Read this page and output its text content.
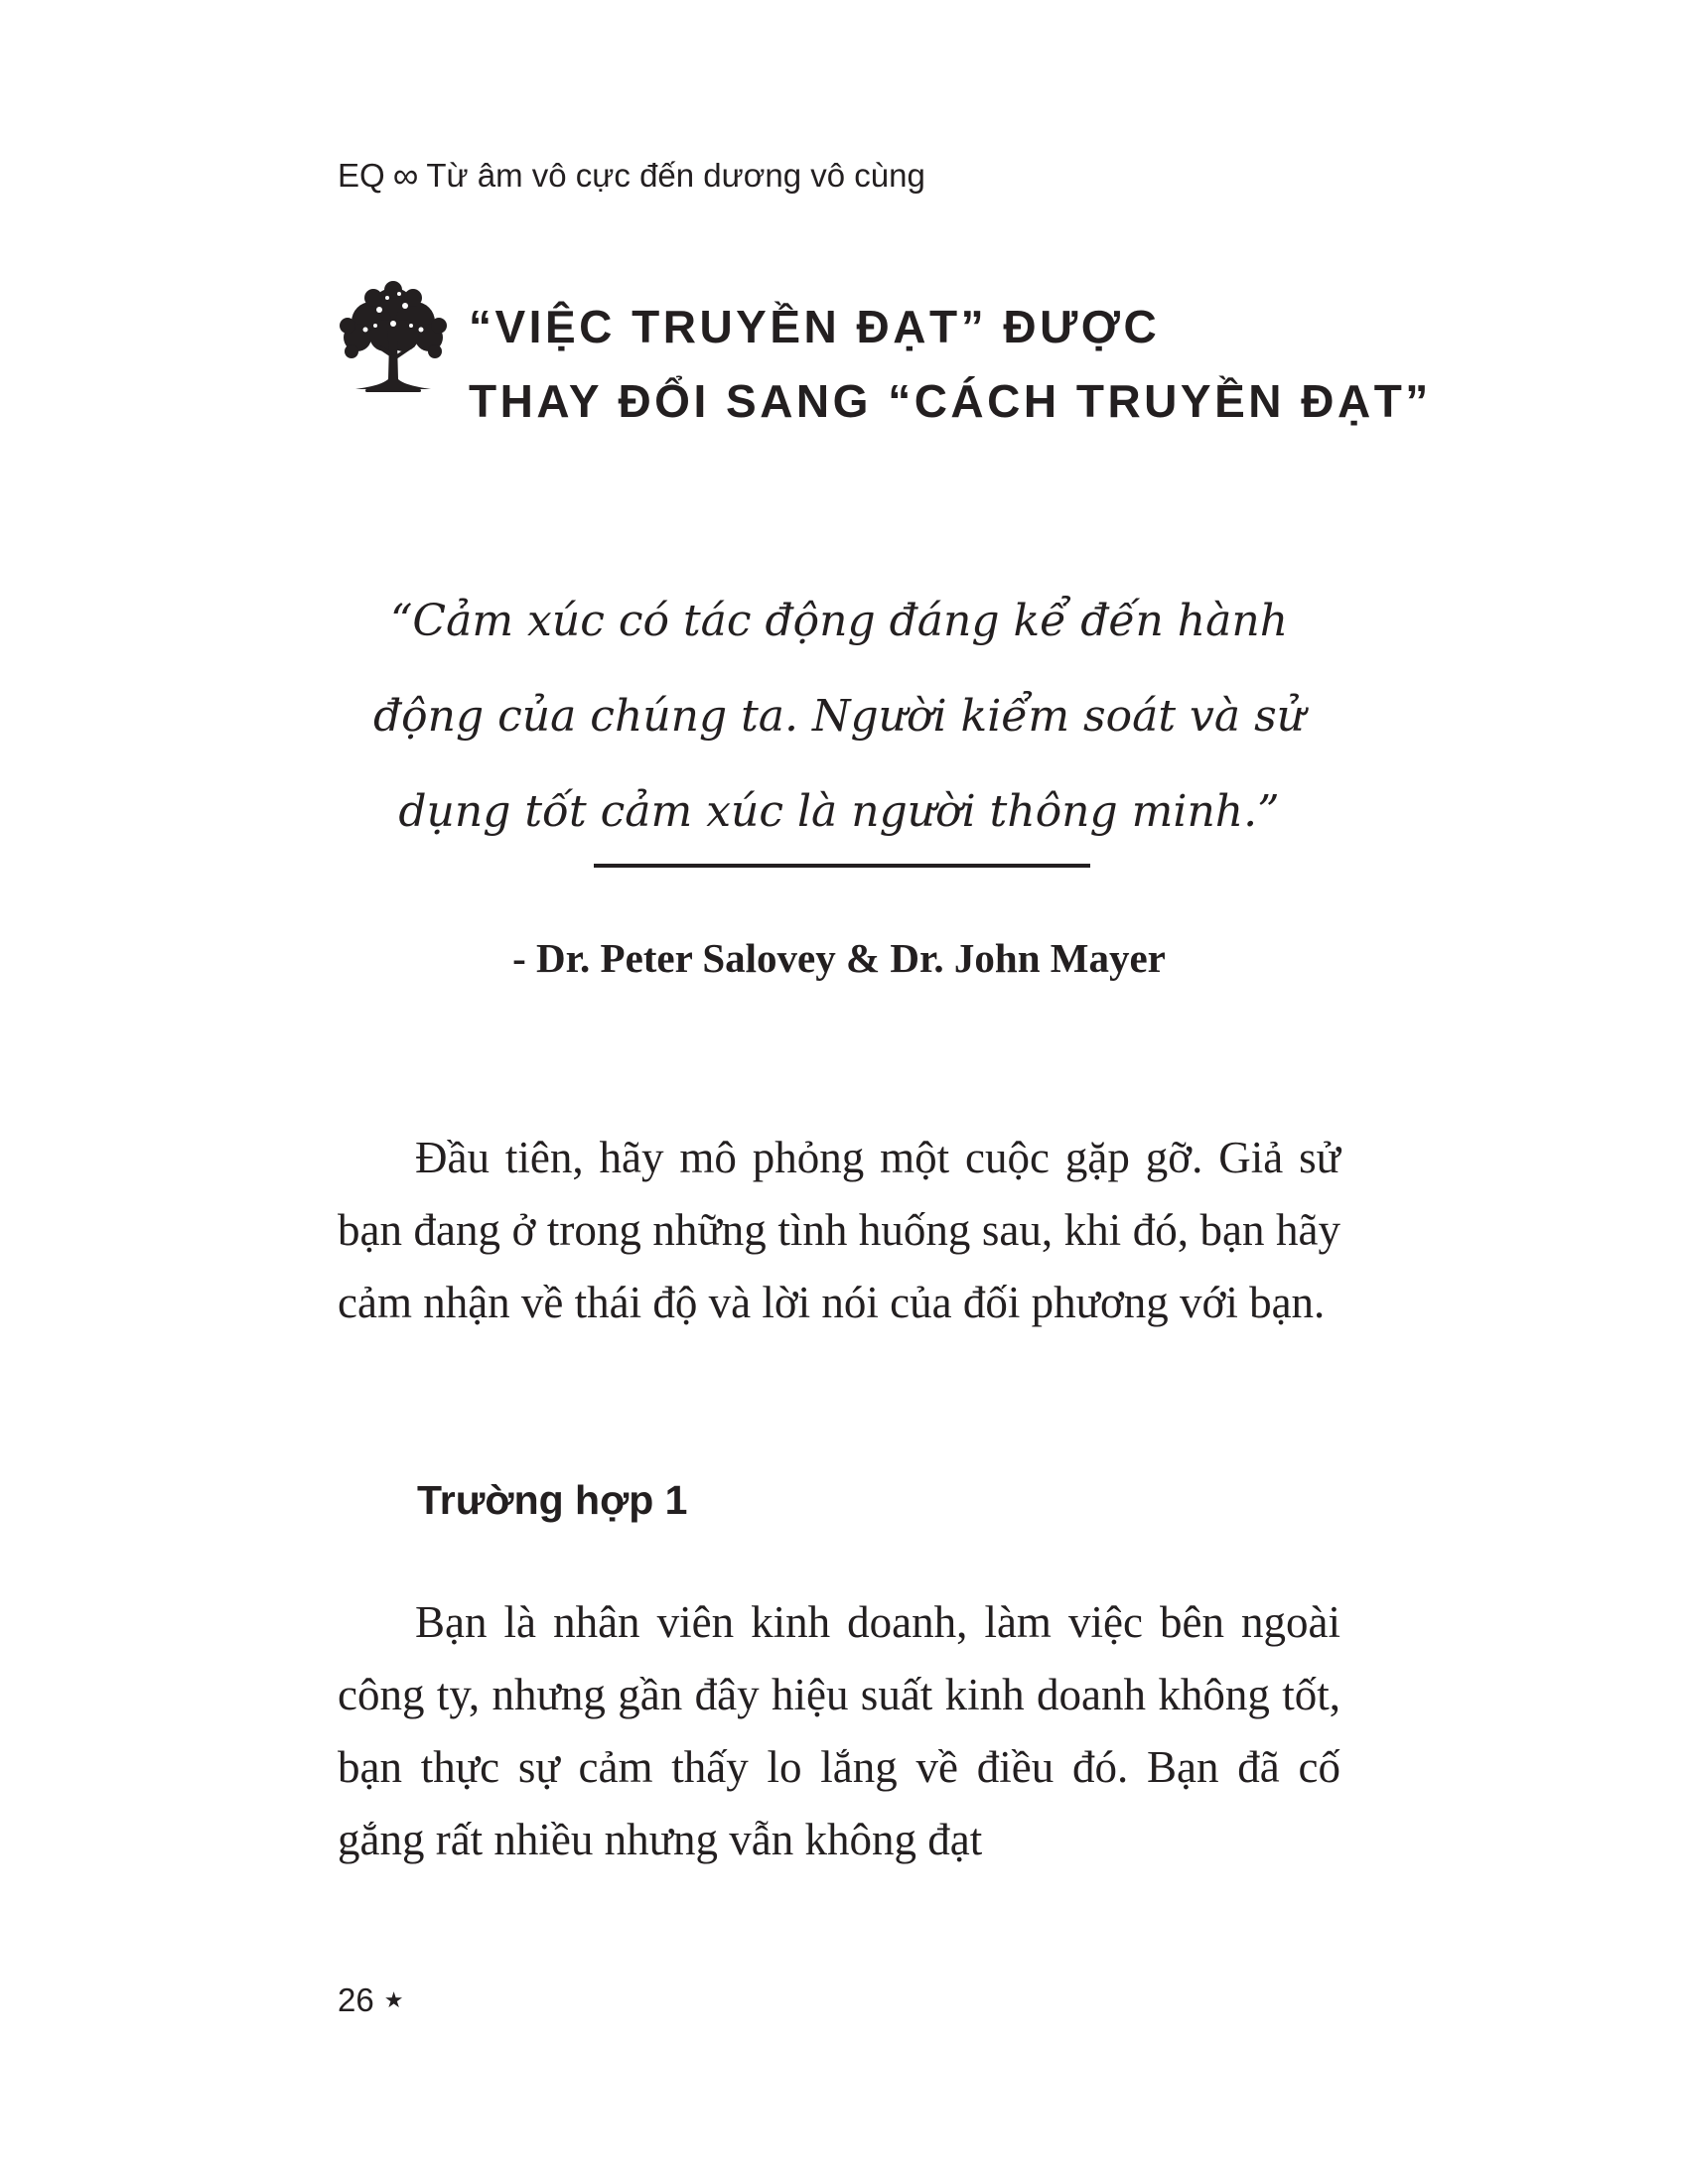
EQ ∞ Từ âm vô cực đến dương vô cùng
“VIỆC TRUYỀN ĐẠT” ĐƯỢC
THAY ĐỔI SANG “CÁCH TRUYỀN ĐẠT”
“Cảm xúc có tác động đáng kể đến hành động của chúng ta. Người kiểm soát và sử dụng tốt cảm xúc là người thông minh.”
- Dr. Peter Salovey & Dr. John Mayer

Đầu tiên, hãy mô phỏng một cuộc gặp gỡ. Giả sử bạn đang ở trong những tình huống sau, khi đó, bạn hãy cảm nhận về thái độ và lời nói của đối phương với bạn.

Trường hợp 1

Bạn là nhân viên kinh doanh, làm việc bên ngoài công ty, nhưng gần đây hiệu suất kinh doanh không tốt, bạn thực sự cảm thấy lo lắng về điều đó. Bạn đã cố gắng rất nhiều nhưng vẫn không đạt

26 ★
